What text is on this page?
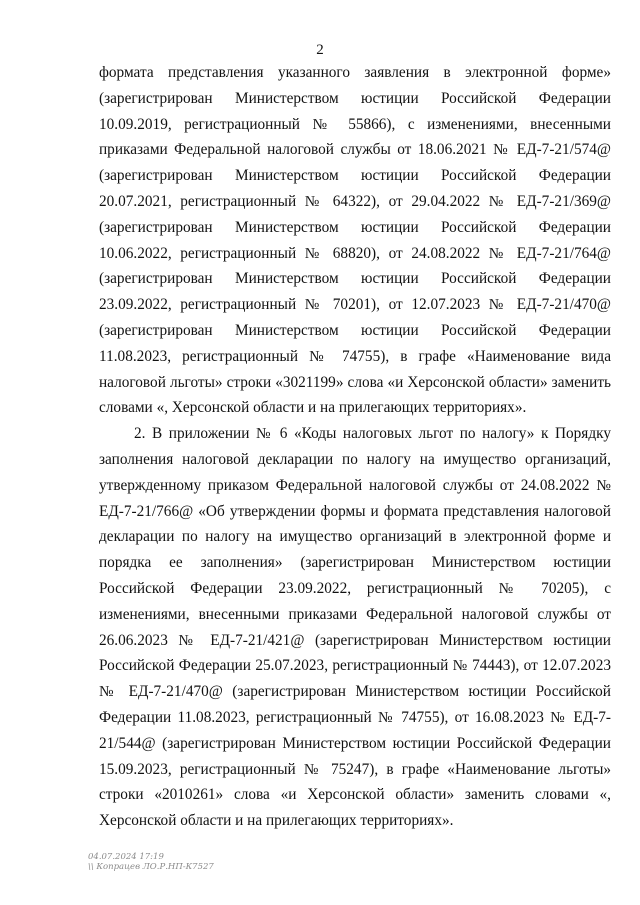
2

формата представления указанного заявления в электронной форме» (зарегистрирован Министерством юстиции Российской Федерации 10.09.2019, регистрационный № 55866), с изменениями, внесенными приказами Федеральной налоговой службы от 18.06.2021 № ЕД-7-21/574@ (зарегистрирован Министерством юстиции Российской Федерации 20.07.2021, регистрационный № 64322), от 29.04.2022 № ЕД-7-21/369@ (зарегистрирован Министерством юстиции Российской Федерации 10.06.2022, регистрационный № 68820), от 24.08.2022 № ЕД-7-21/764@ (зарегистрирован Министерством юстиции Российской Федерации 23.09.2022, регистрационный № 70201), от 12.07.2023 № ЕД-7-21/470@ (зарегистрирован Министерством юстиции Российской Федерации 11.08.2023, регистрационный № 74755), в графе «Наименование вида налоговой льготы» строки «3021199» слова «и Херсонской области» заменить словами «, Херсонской области и на прилегающих территориях».

2. В приложении № 6 «Коды налоговых льгот по налогу» к Порядку заполнения налоговой декларации по налогу на имущество организаций, утвержденному приказом Федеральной налоговой службы от 24.08.2022 № ЕД-7-21/766@ «Об утверждении формы и формата представления налоговой декларации по налогу на имущество организаций в электронной форме и порядка ее заполнения» (зарегистрирован Министерством юстиции Российской Федерации 23.09.2022, регистрационный № 70205), с изменениями, внесенными приказами Федеральной налоговой службы от 26.06.2023 № ЕД-7-21/421@ (зарегистрирован Министерством юстиции Российской Федерации 25.07.2023, регистрационный № 74443), от 12.07.2023 № ЕД-7-21/470@ (зарегистрирован Министерством юстиции Российской Федерации 11.08.2023, регистрационный № 74755), от 16.08.2023 № ЕД-7-21/544@ (зарегистрирован Министерством юстиции Российской Федерации 15.09.2023, регистрационный № 75247), в графе «Наименование льготы» строки «2010261» слова «и Херсонской области» заменить словами «, Херсонской области и на прилегающих территориях».

04.07.2024 17:19
\\ Копрацев ЛО.Р.НП-К7527
